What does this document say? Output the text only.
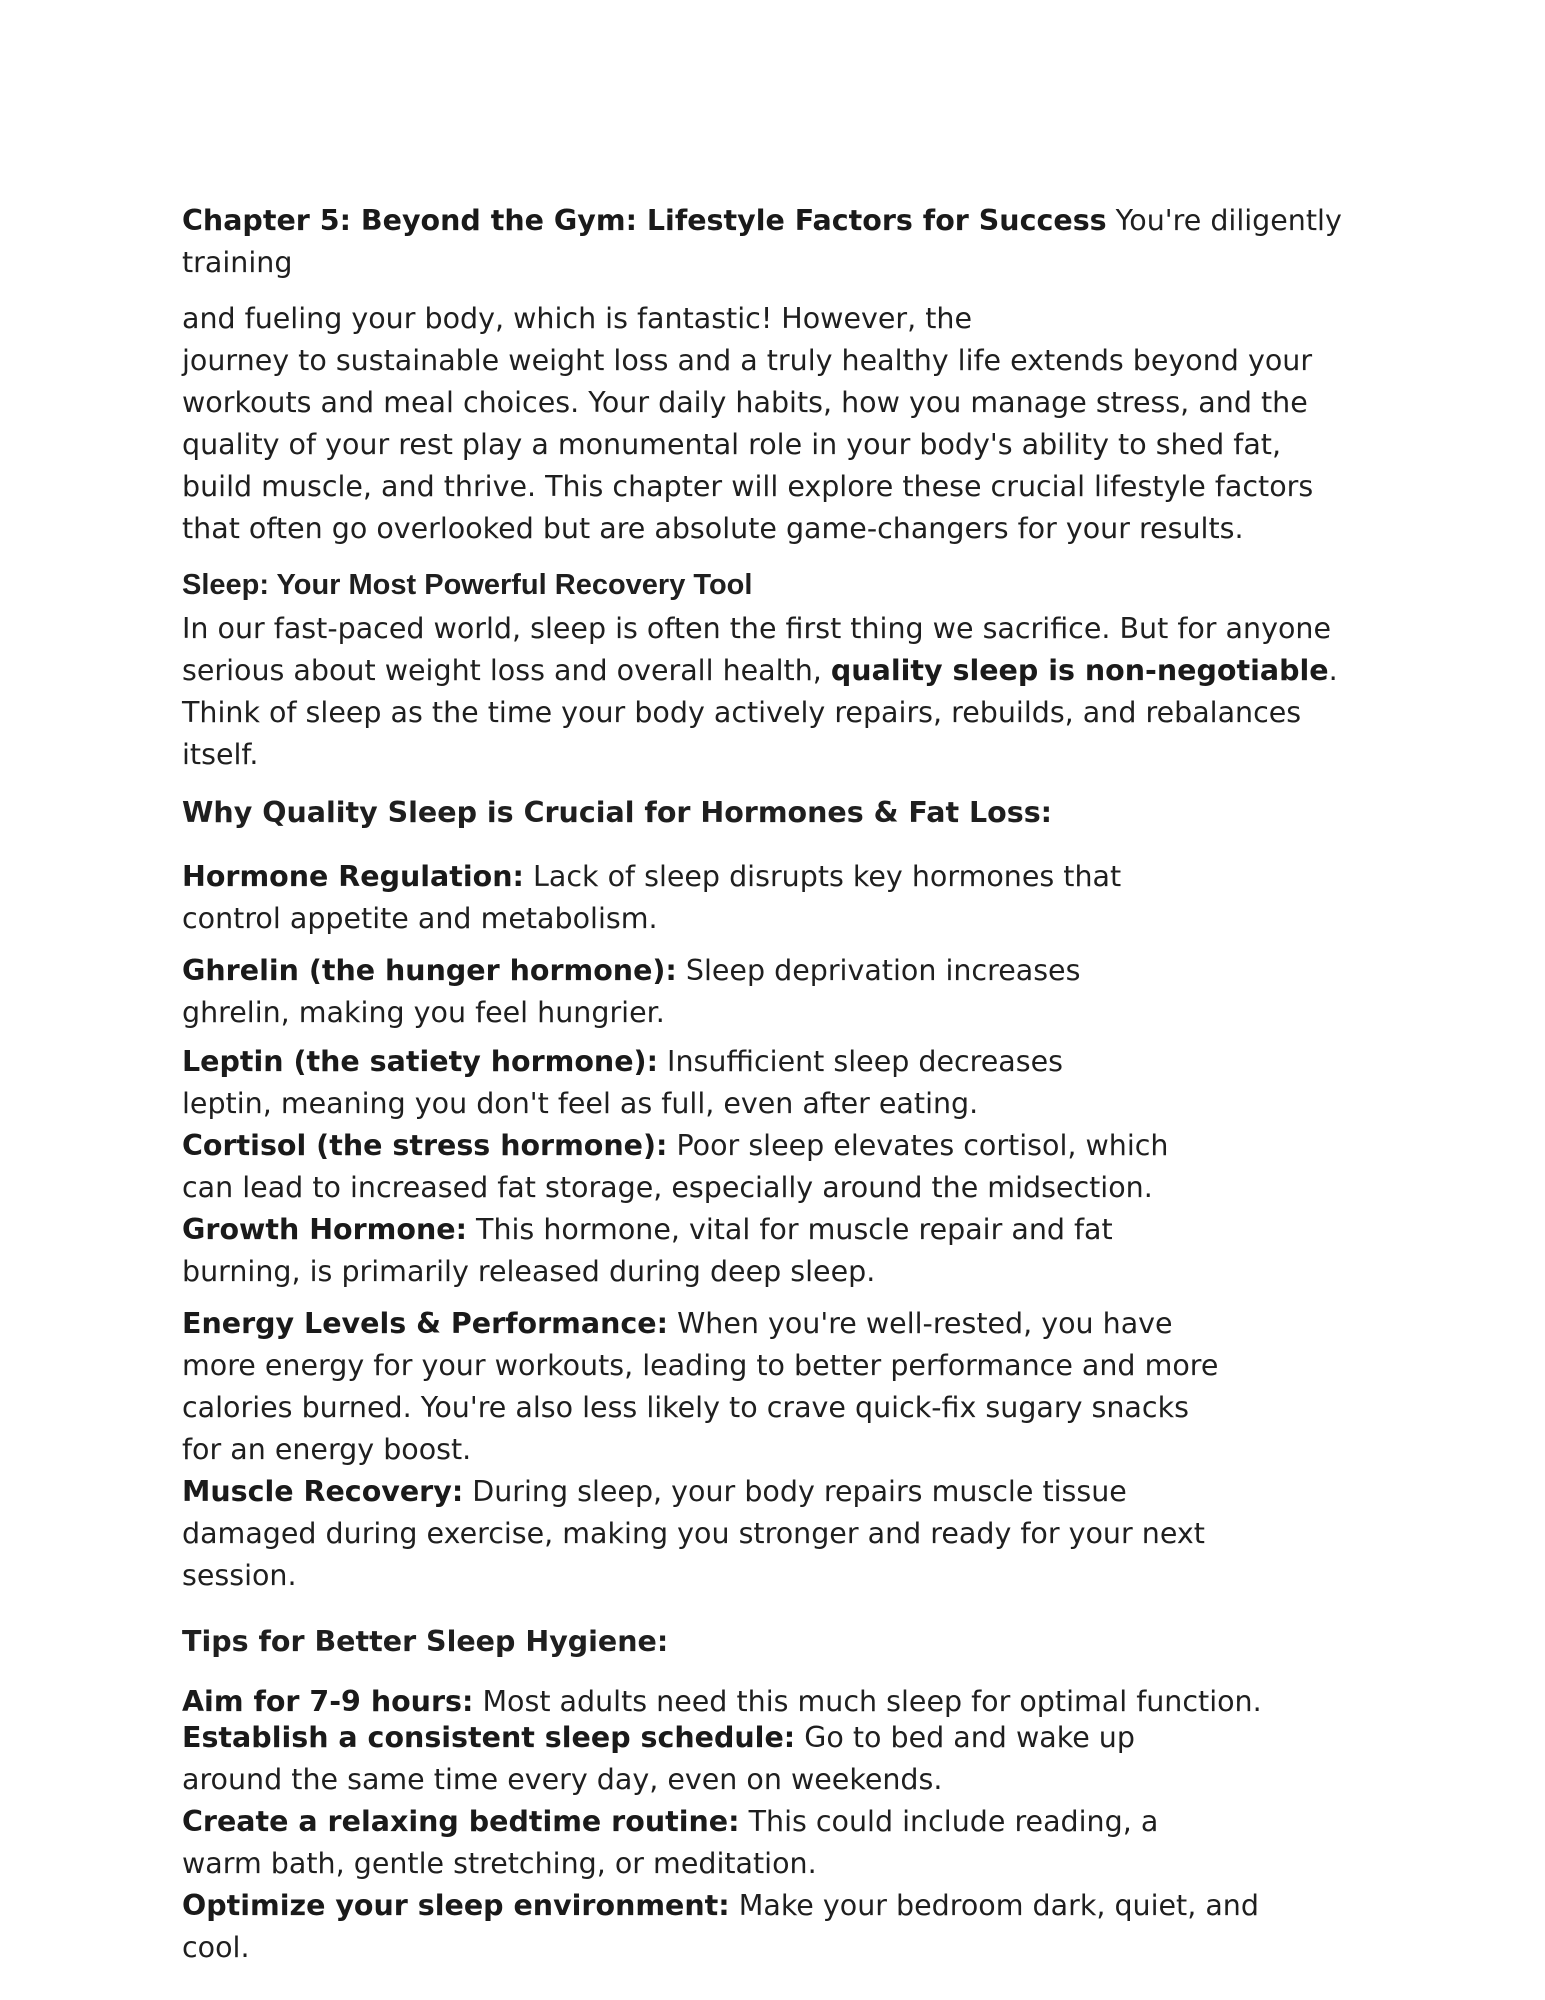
Chapter 5: Beyond the Gym: Lifestyle Factors for Success You're diligently training

and fueling your body, which is fantastic! However, the

journey to sustainable weight loss and a truly healthy life extends beyond your workouts and meal choices. Your daily habits, how you manage stress, and the quality of your rest play a monumental role in your body's ability to shed fat, build muscle, and thrive. This chapter will explore these crucial lifestyle factors that often go overlooked but are absolute game-changers for your results.

Sleep: Your Most Powerful Recovery Tool

In our fast-paced world, sleep is often the first thing we sacrifice. But for anyone serious about weight loss and overall health, quality sleep is non-negotiable. Think of sleep as the time your body actively repairs, rebuilds, and rebalances itself.

Why Quality Sleep is Crucial for Hormones & Fat Loss:

Hormone Regulation: Lack of sleep disrupts key hormones that control appetite and metabolism.

Ghrelin (the hunger hormone): Sleep deprivation increases ghrelin, making you feel hungrier.

Leptin (the satiety hormone): Insufficient sleep decreases leptin, meaning you don't feel as full, even after eating.

Cortisol (the stress hormone): Poor sleep elevates cortisol, which can lead to increased fat storage, especially around the midsection.

Growth Hormone: This hormone, vital for muscle repair and fat burning, is primarily released during deep sleep.

Energy Levels & Performance: When you're well-rested, you have more energy for your workouts, leading to better performance and more calories burned. You're also less likely to crave quick-fix sugary snacks for an energy boost.

Muscle Recovery: During sleep, your body repairs muscle tissue damaged during exercise, making you stronger and ready for your next session.

Tips for Better Sleep Hygiene:

Aim for 7-9 hours: Most adults need this much sleep for optimal function.

Establish a consistent sleep schedule: Go to bed and wake up around the same time every day, even on weekends.

Create a relaxing bedtime routine: This could include reading, a warm bath, gentle stretching, or meditation.

Optimize your sleep environment: Make your bedroom dark, quiet, and cool.
